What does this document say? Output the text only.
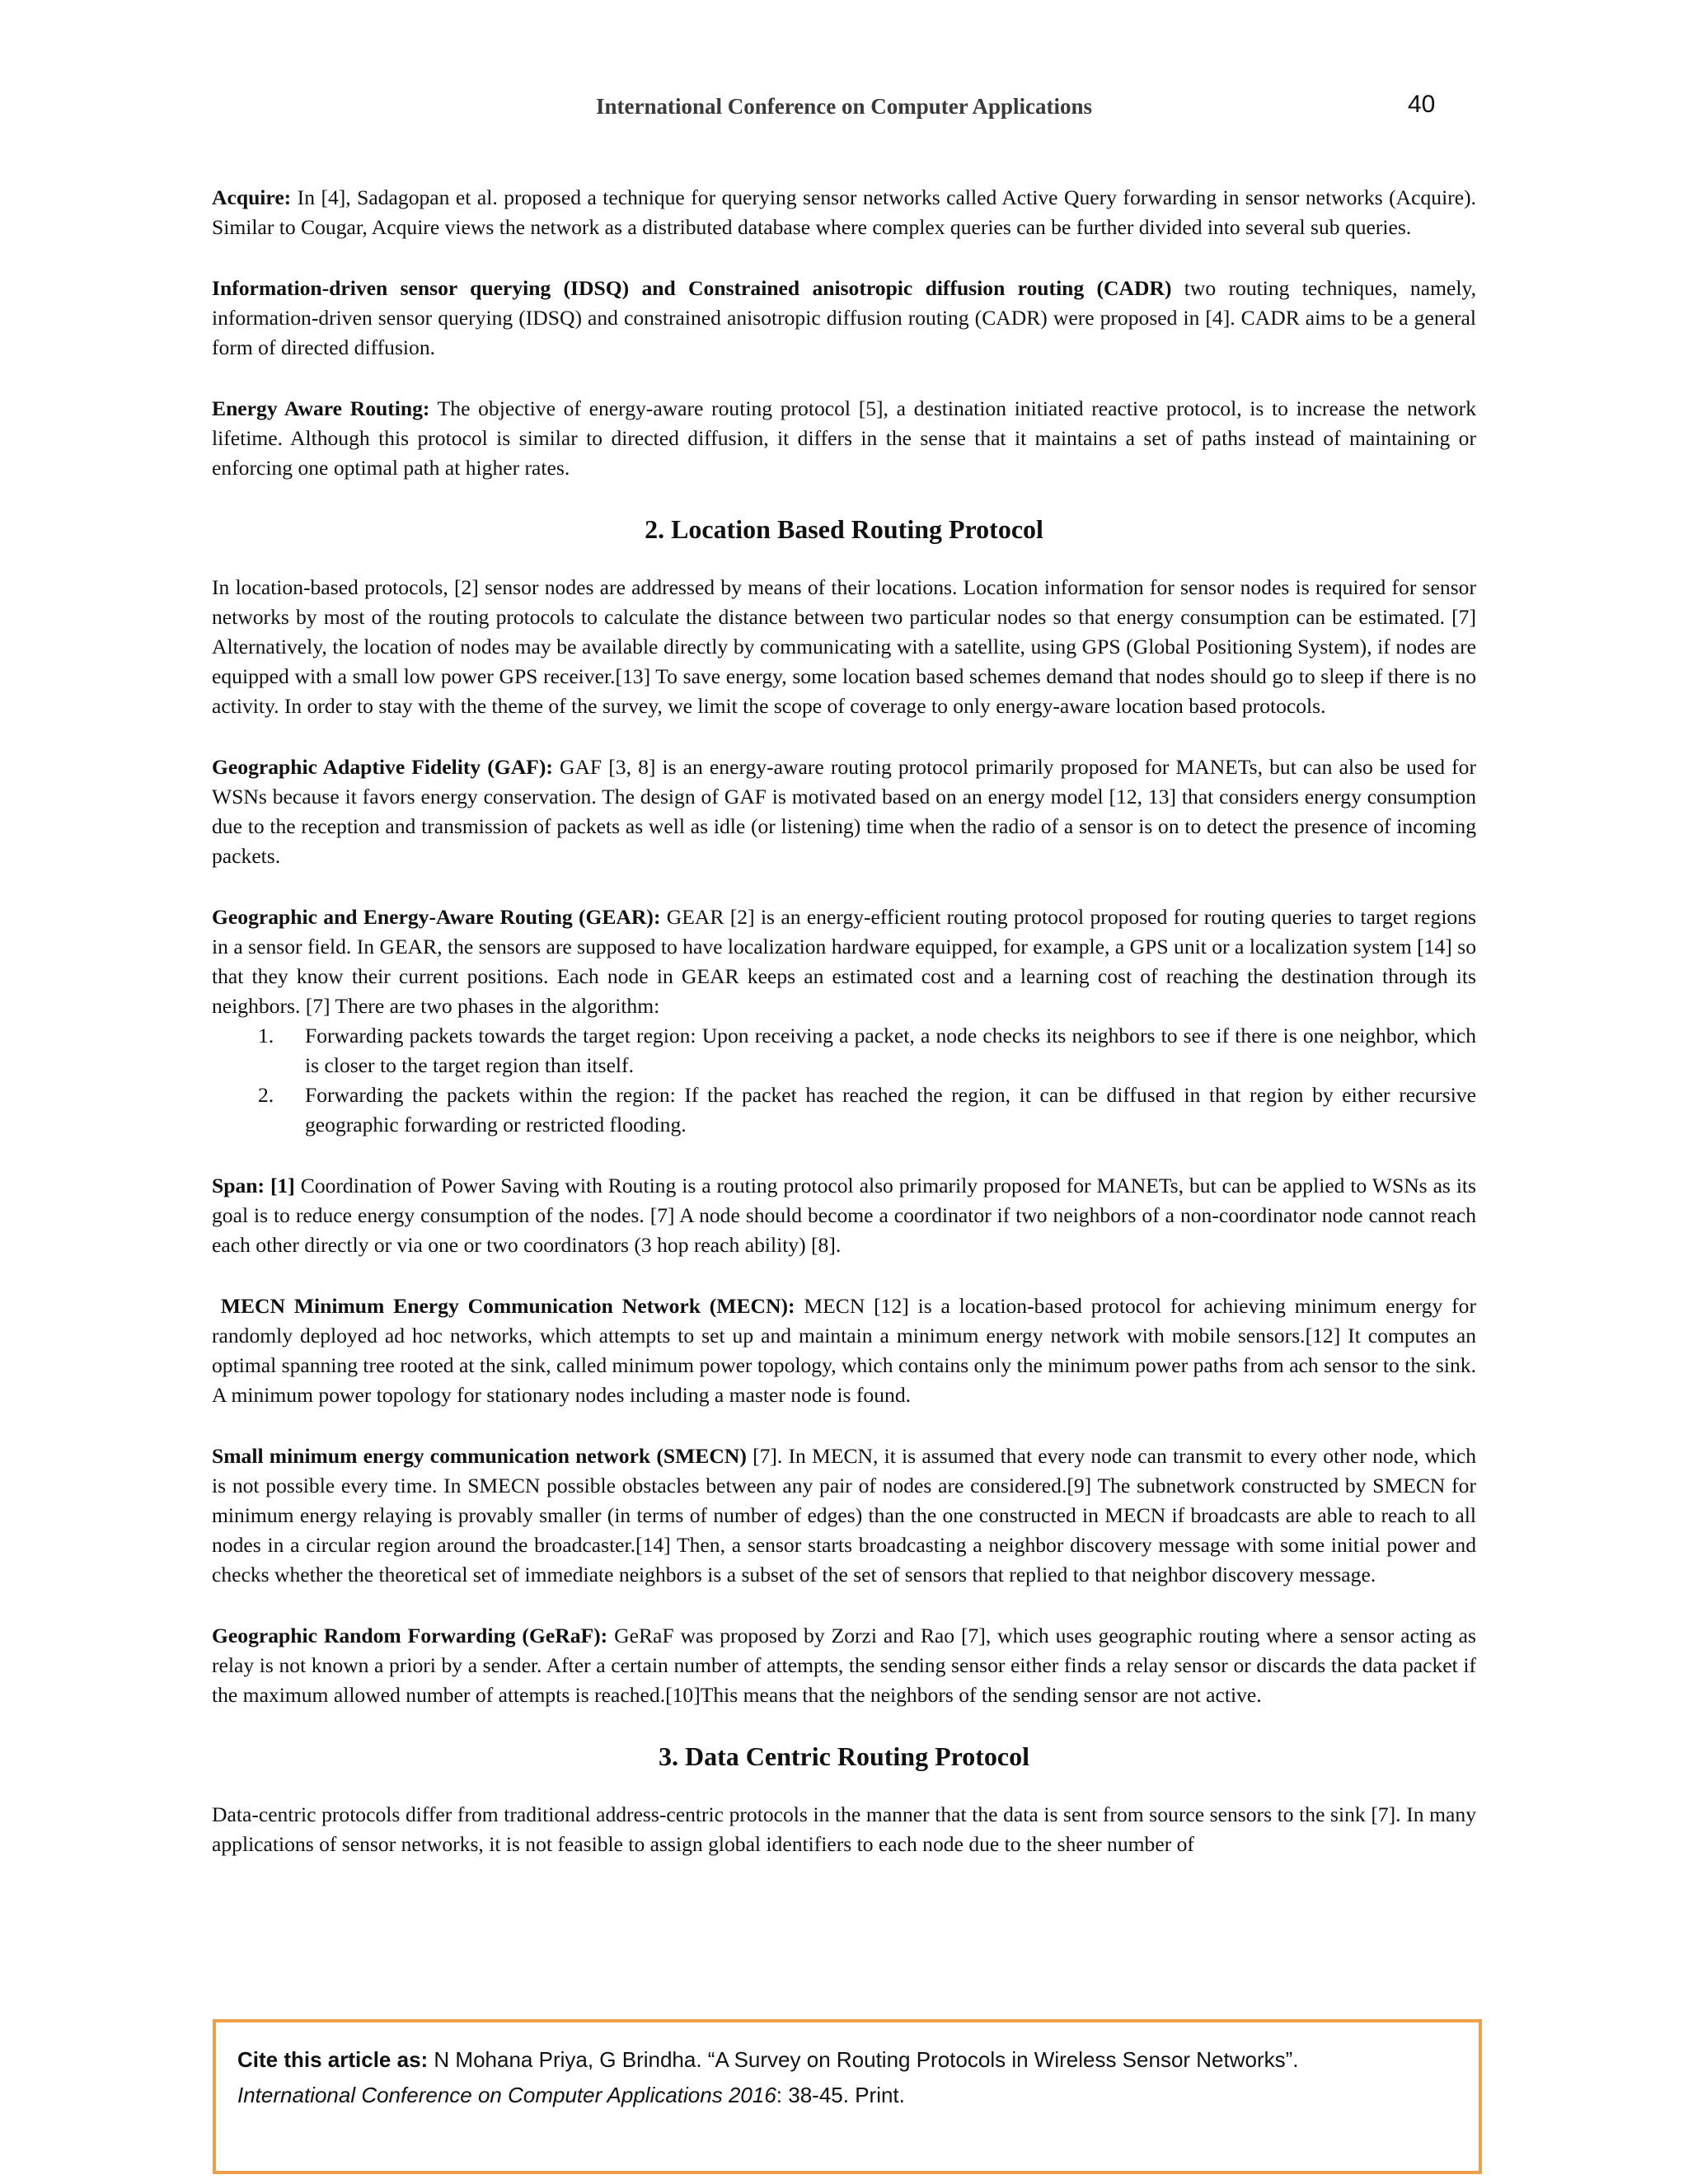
International Conference on Computer Applications	40

Acquire: In [4], Sadagopan et al. proposed a technique for querying sensor networks called Active Query forwarding in sensor networks (Acquire). Similar to Cougar, Acquire views the network as a distributed database where complex queries can be further divided into several sub queries.

Information-driven sensor querying (IDSQ) and Constrained anisotropic diffusion routing (CADR) two routing techniques, namely, information-driven sensor querying (IDSQ) and constrained anisotropic diffusion routing (CADR) were proposed in [4]. CADR aims to be a general form of directed diffusion.

Energy Aware Routing: The objective of energy-aware routing protocol [5], a destination initiated reactive protocol, is to increase the network lifetime. Although this protocol is similar to directed diffusion, it differs in the sense that it maintains a set of paths instead of maintaining or enforcing one optimal path at higher rates.

2. Location Based Routing Protocol

In location-based protocols, [2] sensor nodes are addressed by means of their locations. Location information for sensor nodes is required for sensor networks by most of the routing protocols to calculate the distance between two particular nodes so that energy consumption can be estimated. [7] Alternatively, the location of nodes may be available directly by communicating with a satellite, using GPS (Global Positioning System), if nodes are equipped with a small low power GPS receiver.[13] To save energy, some location based schemes demand that nodes should go to sleep if there is no activity. In order to stay with the theme of the survey, we limit the scope of coverage to only energy-aware location based protocols.

Geographic Adaptive Fidelity (GAF): GAF [3, 8] is an energy-aware routing protocol primarily proposed for MANETs, but can also be used for WSNs because it favors energy conservation. The design of GAF is motivated based on an energy model [12, 13] that considers energy consumption due to the reception and transmission of packets as well as idle (or listening) time when the radio of a sensor is on to detect the presence of incoming packets.

Geographic and Energy-Aware Routing (GEAR): GEAR [2] is an energy-efficient routing protocol proposed for routing queries to target regions in a sensor field. In GEAR, the sensors are supposed to have localization hardware equipped, for example, a GPS unit or a localization system [14] so that they know their current positions. Each node in GEAR keeps an estimated cost and a learning cost of reaching the destination through its neighbors. [7] There are two phases in the algorithm:

1. Forwarding packets towards the target region: Upon receiving a packet, a node checks its neighbors to see if there is one neighbor, which is closer to the target region than itself.
2. Forwarding the packets within the region: If the packet has reached the region, it can be diffused in that region by either recursive geographic forwarding or restricted flooding.

Span: [1] Coordination of Power Saving with Routing is a routing protocol also primarily proposed for MANETs, but can be applied to WSNs as its goal is to reduce energy consumption of the nodes. [7] A node should become a coordinator if two neighbors of a non-coordinator node cannot reach each other directly or via one or two coordinators (3 hop reach ability) [8].

MECN Minimum Energy Communication Network (MECN): MECN [12] is a location-based protocol for achieving minimum energy for randomly deployed ad hoc networks, which attempts to set up and maintain a minimum energy network with mobile sensors.[12] It computes an optimal spanning tree rooted at the sink, called minimum power topology, which contains only the minimum power paths from ach sensor to the sink. A minimum power topology for stationary nodes including a master node is found.

Small minimum energy communication network (SMECN) [7]. In MECN, it is assumed that every node can transmit to every other node, which is not possible every time. In SMECN possible obstacles between any pair of nodes are considered.[9] The subnetwork constructed by SMECN for minimum energy relaying is provably smaller (in terms of number of edges) than the one constructed in MECN if broadcasts are able to reach to all nodes in a circular region around the broadcaster.[14] Then, a sensor starts broadcasting a neighbor discovery message with some initial power and checks whether the theoretical set of immediate neighbors is a subset of the set of sensors that replied to that neighbor discovery message.

Geographic Random Forwarding (GeRaF): GeRaF was proposed by Zorzi and Rao [7], which uses geographic routing where a sensor acting as relay is not known a priori by a sender. After a certain number of attempts, the sending sensor either finds a relay sensor or discards the data packet if the maximum allowed number of attempts is reached.[10]This means that the neighbors of the sending sensor are not active.

3. Data Centric Routing Protocol

Data-centric protocols differ from traditional address-centric protocols in the manner that the data is sent from source sensors to the sink [7]. In many applications of sensor networks, it is not feasible to assign global identifiers to each node due to the sheer number of

Cite this article as: N Mohana Priya, G Brindha. “A Survey on Routing Protocols in Wireless Sensor Networks”.
International Conference on Computer Applications 2016: 38-45. Print.
